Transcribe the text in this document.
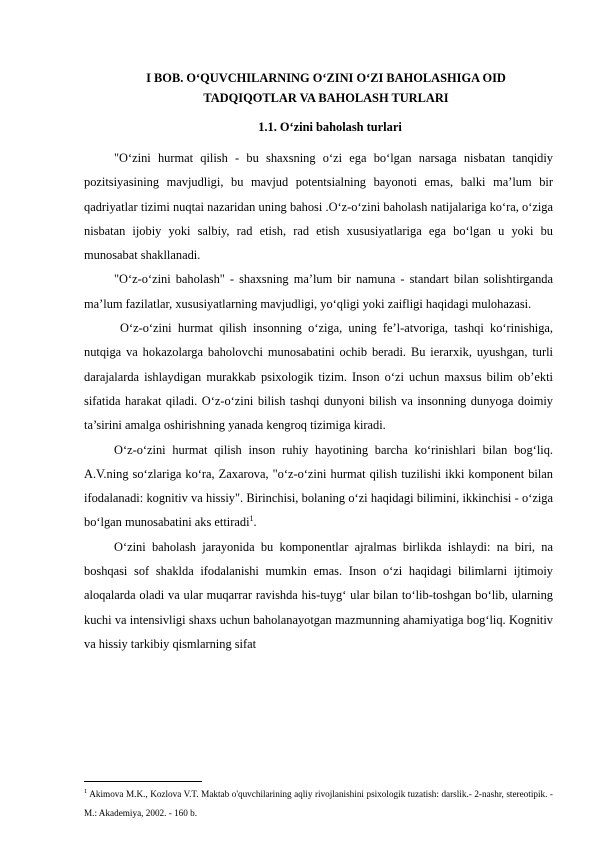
I BOB. O‘QUVCHILARNING O‘ZINI O‘ZI BAHOLASHIGA OID TADQIQOTLAR VA BAHOLASH TURLARI
1.1. O‘zini baholash turlari

"O‘zini hurmat qilish - bu shaxsning o‘zi ega bo‘lgan narsaga nisbatan tanqidiy pozitsiyasining mavjudligi, bu mavjud potentsialning bayonoti emas, balki ma’lum bir qadriyatlar tizimi nuqtai nazaridan uning bahosi .O‘z-o‘zini baholash natijalariga ko‘ra, o‘ziga nisbatan ijobiy yoki salbiy, rad etish, rad etish xususiyatlariga ega bo‘lgan u yoki bu munosabat shakllanadi.

"O‘z-o‘zini baholash" - shaxsning ma’lum bir namuna - standart bilan solishtirganda ma’lum fazilatlar, xususiyatlarning mavjudligi, yo‘qligi yoki zaifligi haqidagi mulohazasi.

O‘z-o‘zini hurmat qilish insonning o‘ziga, uning fe’l-atvoriga, tashqi ko‘rinishiga, nutqiga va hokazolarga baholovchi munosabatini ochib beradi. Bu ierarxik, uyushgan, turli darajalarda ishlaydigan murakkab psixologik tizim. Inson o‘zi uchun maxsus bilim ob’ekti sifatida harakat qiladi. O‘z-o‘zini bilish tashqi dunyoni bilish va insonning dunyoga doimiy ta’sirini amalga oshirishning yanada kengroq tizimiga kiradi.

O‘z-o‘zini hurmat qilish inson ruhiy hayotining barcha ko‘rinishlari bilan bog‘liq. A.V.ning so‘zlariga ko‘ra, Zaxarova, "o‘z-o‘zini hurmat qilish tuzilishi ikki komponent bilan ifodalanadi: kognitiv va hissiy". Birinchisi, bolaning o‘zi haqidagi bilimini, ikkinchisi - o‘ziga bo‘lgan munosabatini aks ettiradi$^1$.

O‘zini baholash jarayonida bu komponentlar ajralmas birlikda ishlaydi: na biri, na boshqasi sof shaklda ifodalanishi mumkin emas. Inson o‘zi haqidagi bilimlarni ijtimoiy aloqalarda oladi va ular muqarrar ravishda his-tuyg‘ ular bilan to‘lib-toshgan bo‘lib, ularning kuchi va intensivligi shaxs uchun baholanayotgan mazmunning ahamiyatiga bog‘liq. Kognitiv va hissiy tarkibiy qismlarning sifat

$^1$ Akimova M.K., Kozlova V.T. Maktab o'quvchilarining aqliy rivojlanishini psixologik tuzatish: darslik.- 2-nashr, stereotipik. - M.: Akademiya, 2002. - 160 b.
